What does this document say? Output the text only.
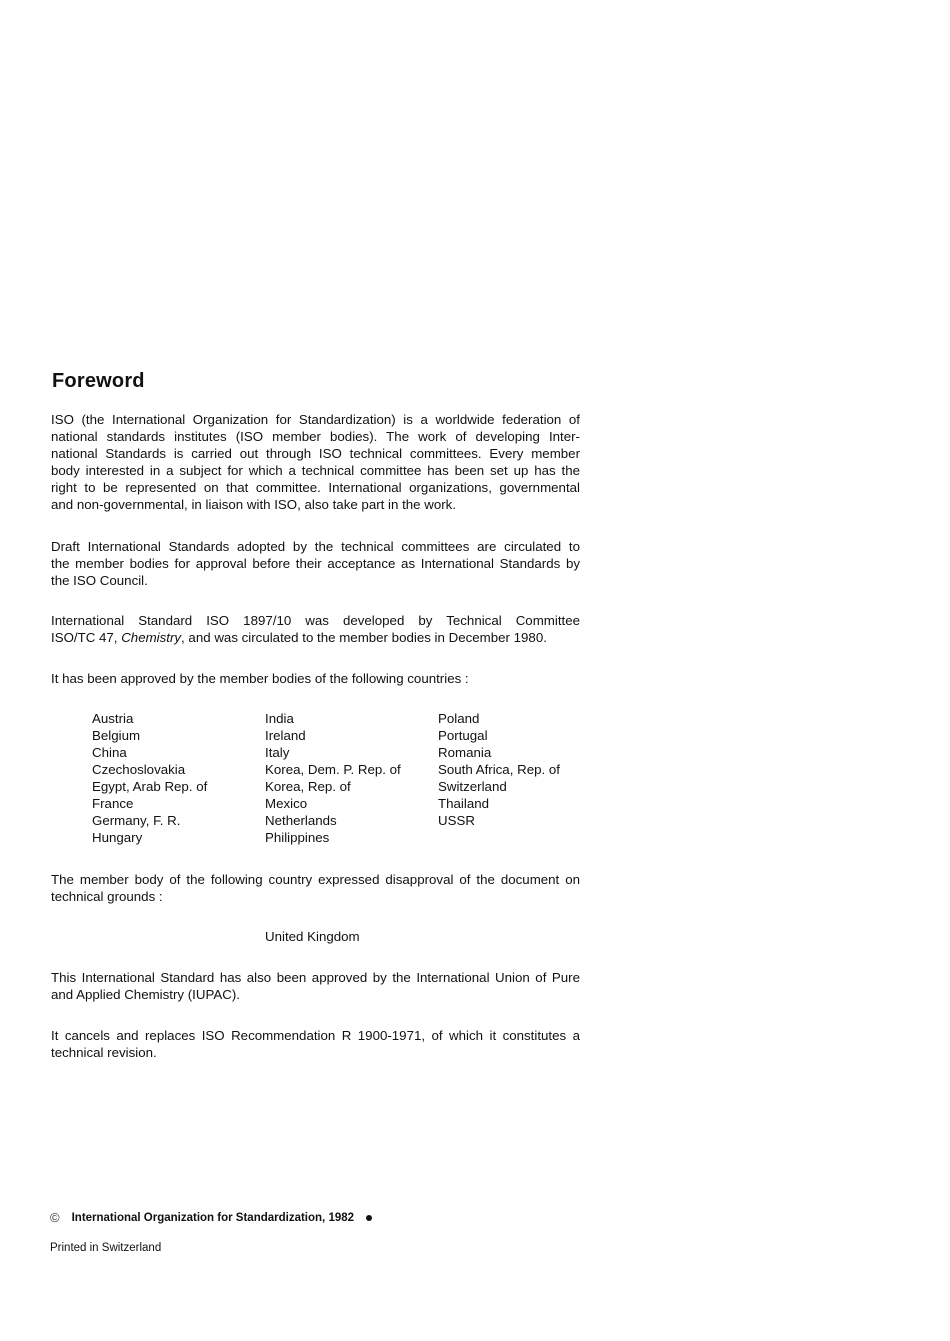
Foreword
ISO (the International Organization for Standardization) is a worldwide federation of
national standards institutes (ISO member bodies). The work of developing Inter-
national Standards is carried out through ISO technical committees. Every member
body interested in a subject for which a technical committee has been set up has the
right to be represented on that committee. International organizations, governmental
and non-governmental, in liaison with ISO, also take part in the work.
Draft International Standards adopted by the technical committees are circulated to
the member bodies for approval before their acceptance as International Standards by
the ISO Council.
International Standard ISO 1897/10 was developed by Technical Committee
ISO/TC 47, Chemistry, and was circulated to the member bodies in December 1980.
It has been approved by the member bodies of the following countries :
Austria
Belgium
China
Czechoslovakia
Egypt, Arab Rep. of
France
Germany, F. R.
Hungary
India
Ireland
Italy
Korea, Dem. P. Rep. of
Korea, Rep. of
Mexico
Netherlands
Philippines
Poland
Portugal
Romania
South Africa, Rep. of
Switzerland
Thailand
USSR
The member body of the following country expressed disapproval of the document on
technical grounds :
United Kingdom
This International Standard has also been approved by the International Union of Pure
and Applied Chemistry (IUPAC).
It cancels and replaces ISO Recommendation R 1900-1971, of which it constitutes a
technical revision.
© International Organization for Standardization, 1982
Printed in Switzerland
